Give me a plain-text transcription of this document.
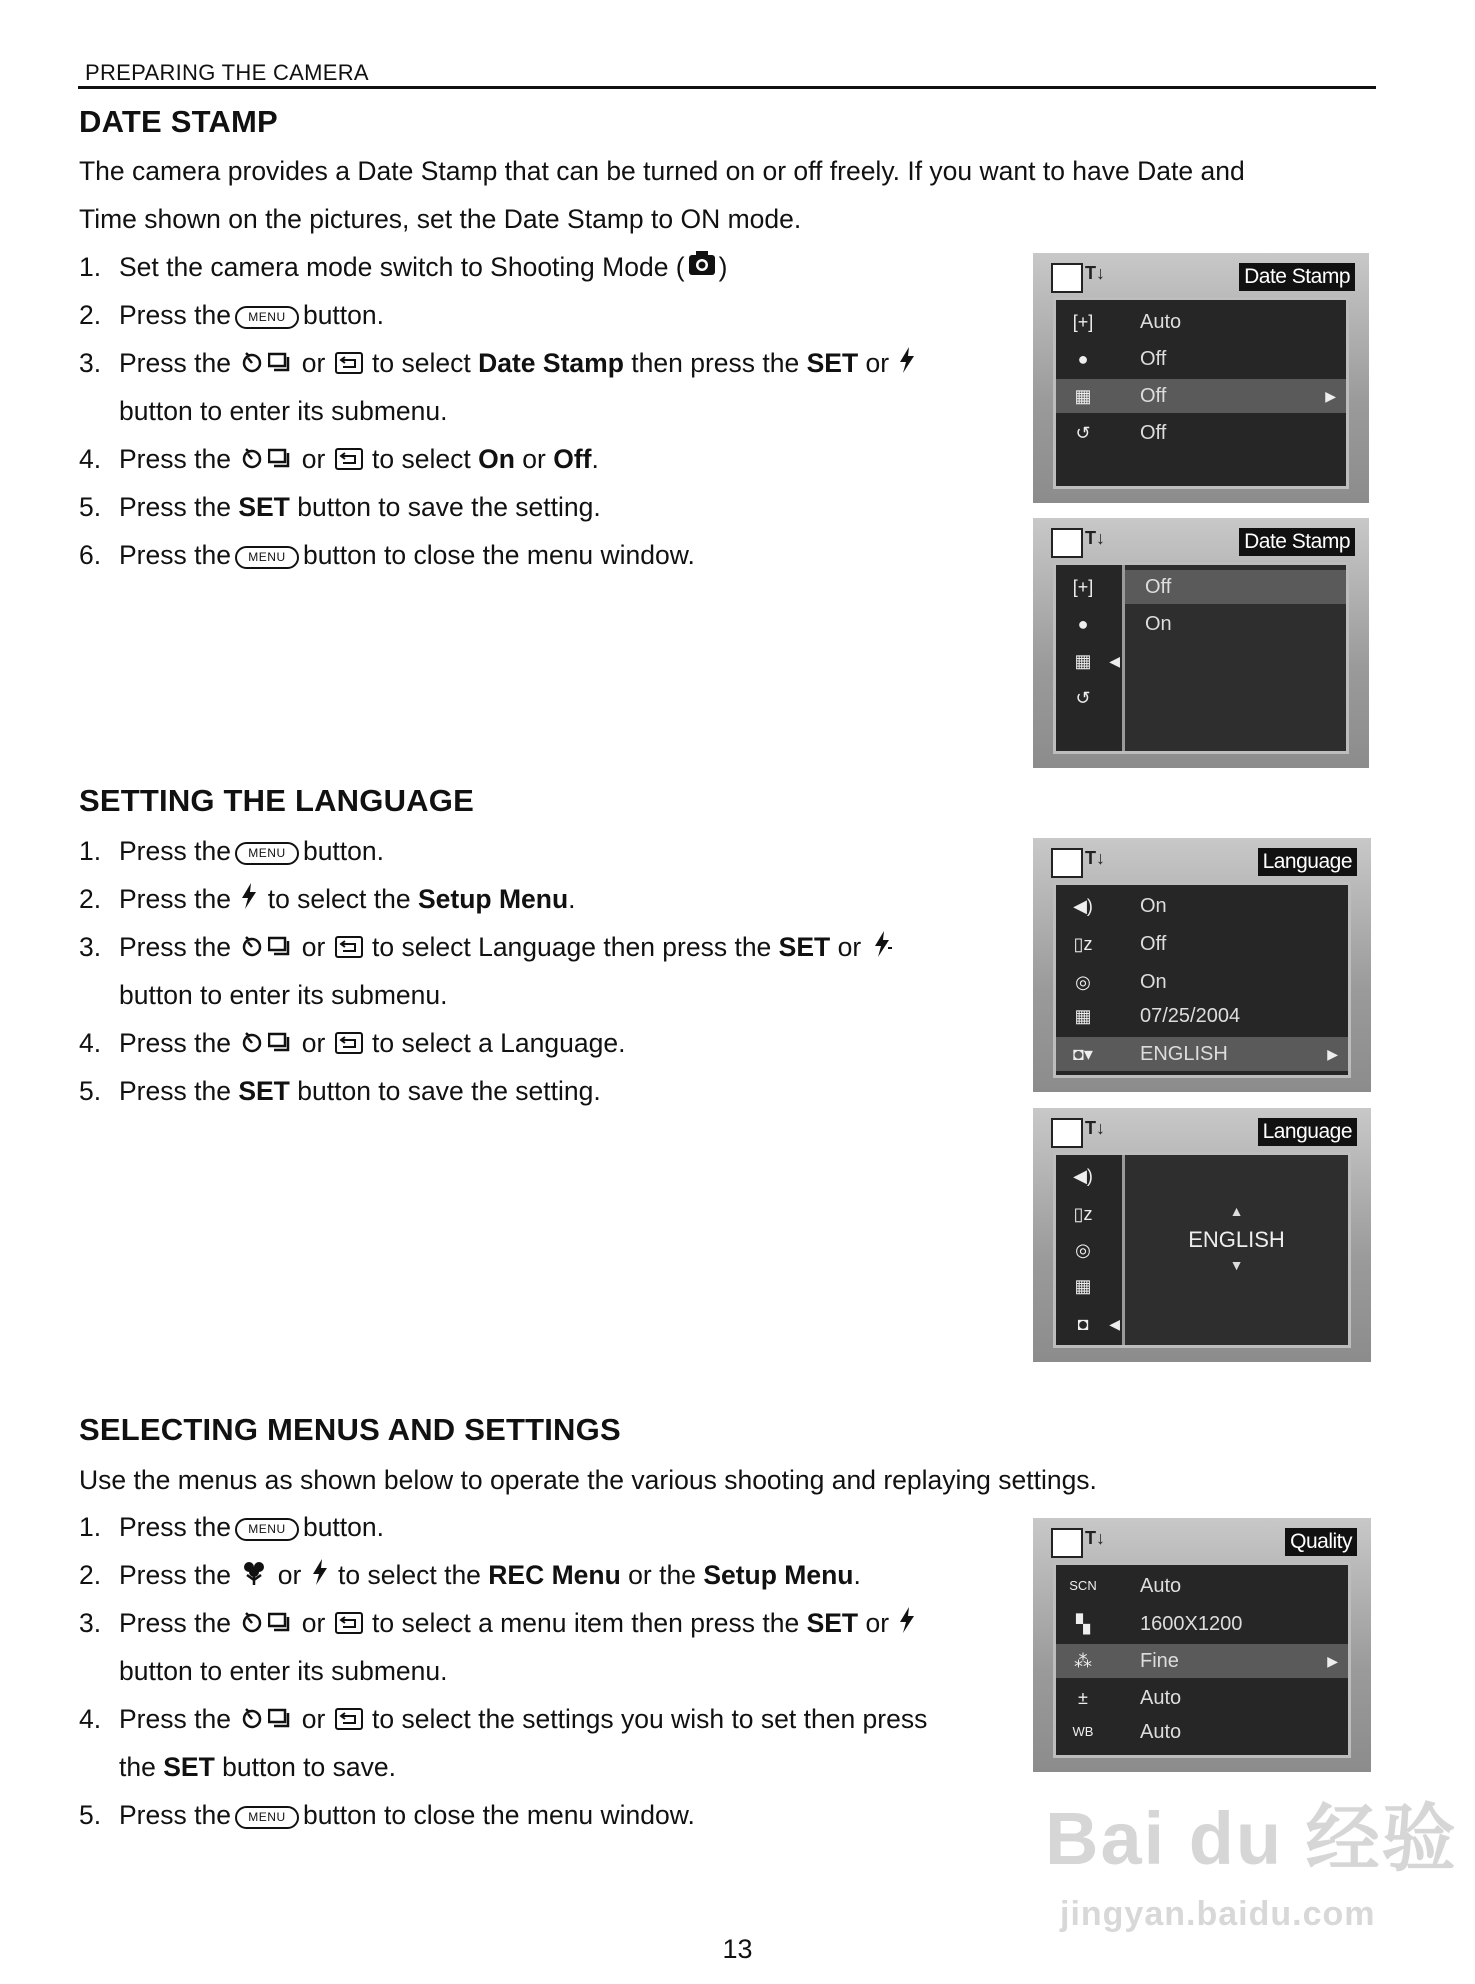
PREPARING THE CAMERA
DATE STAMP
The camera provides a Date Stamp that can be turned on or off freely. If you want to have Date and
Time shown on the pictures, set the Date Stamp to ON mode.
1. Set the camera mode switch to Shooting Mode ( )
2. Press the MENU button.
3. Press the	or to select Date Stamp then press the SET or
button to enter its submenu.
4. Press the	or to select On or Off.
5. Press the SET button to save the setting.
6. Press the MENU button to close the menu window.
T↓	Date Stamp
[+] Auto
●	Off
▦	Off	▶
↺	Off
T↓	Date Stamp
[+]
●
▦	◀
↺
Off
On
SETTING THE LANGUAGE
1. Press the MENU button.
2. Press the to select the Setup Menu.
3. Press the	or to select Language then press the SET or
button to enter its submenu.
4. Press the	or to select a Language.
5. Press the SET button to save the setting.
T↓	Language
◀) On
▯z Off
◎	On
▦	07/25/2004
◘▾ ENGLISH	▶
T↓	Language
◀)
▯z
◎
▦
◘	◀
▲
ENGLISH
▼
SELECTING MENUS AND SETTINGS
Use the menus as shown below to operate the various shooting and replaying settings.
1. Press the MENU button.
2. Press the or to select the REC Menu or the Setup Menu.
3. Press the	or to select a menu item then press the SET or
button to enter its submenu.
4. Press the	or to select the settings you wish to set then press
the SET button to save.
5. Press the MENU button to close the menu window.
T↓	Quality
SCN Auto
▚	1600X1200
⁂	Fine	▶
±	Auto
WB Auto
Bai du 经验
jingyan.baidu.com
13
